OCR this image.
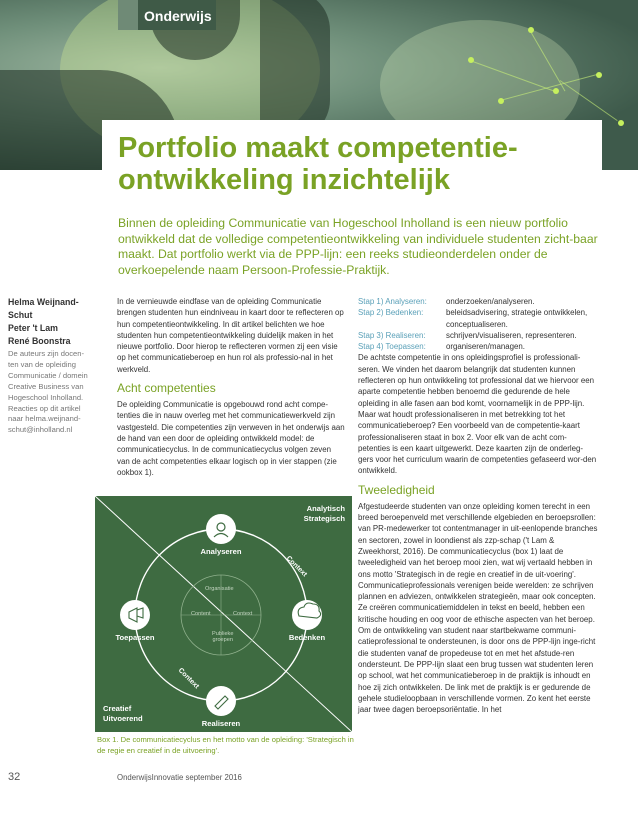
Onderwijs
Portfolio maakt competentie-
ontwikkeling inzichtelijk

Binnen de opleiding Communicatie van Hogeschool Inholland is een nieuw portfolio ontwikkeld dat de volledige competentieontwikkeling van individuele studenten zicht-baar maakt. Dat portfolio werkt via de PPP-lijn: een reeks studieonderdelen onder de overkoepelende naam Persoon-Professie-Praktijk.

Helma Weijnand-
Schut
Peter 't Lam
René Boonstra
De auteurs zijn docen-
ten van de opleiding
Communicatie / domein
Creative Business van
Hogeschool Inholland.
Reacties op dit artikel
naar helma.weijnand-
schut@inholland.nl

In de vernieuwde eindfase van de opleiding Communicatie brengen studenten hun eindniveau in kaart door te reflecteren op hun competentieontwikkeling. In dit artikel belichten we hoe studenten hun competentieontwikkeling duidelijk maken in het nieuwe portfolio. Door hierop te reflecteren vormen zij een visie op het communicatieberoep en hun rol als professio-nal in het werkveld.

Acht competenties

De opleiding Communicatie is opgebouwd rond acht compe-tenties die in nauw overleg met het communicatiewerkveld zijn vastgesteld. Die competenties zijn verweven in het onderwijs aan de hand van een door de opleiding ontwikkeld model: de communicatiecyclus. In de communicatiecyclus volgen zeven van de acht competenties elkaar logisch op in vier stappen (zie ookbox 1).

Analytisch
Strategisch
Creatief
Uitvoerend
Analyseren
Bedenken
Realiseren
Toepassen
Context
Context
Organisatie
Content	Context
Publieke
groepen

Box 1. De communicatiecyclus en het motto van de opleiding: 'Strategisch in de regie en creatief in de uitvoering'.

Stap 1) Analyseren:	onderzoeken/analyseren.
Stap 2) Bedenken:	beleidsadvisering, strategie ontwikkelen, conceptualiseren.
Stap 3) Realiseren:	schrijven/visualiseren, representeren.
Stap 4) Toepassen:	organiseren/managen.

De achtste competentie in ons opleidingsprofiel is professionali-seren. We vinden het daarom belangrijk dat studenten kunnen reflecteren op hun ontwikkeling tot professional dat we hiervoor een aparte competentie hebben benoemd die gedurende de hele opleiding in alle fasen aan bod komt, voornamelijk in de PPP-lijn. Maar wat houdt professionaliseren in met betrekking tot het communicatieberoep? Een voorbeeld van de competentie-kaart professionaliseren staat in box 2. Voor elk van de acht com-petenties is een kaart uitgewerkt. Deze kaarten zijn de onderleg-gers voor het curriculum waarin de competenties gefaseerd wor-den ontwikkeld.

Tweeledigheid

Afgestudeerde studenten van onze opleiding komen terecht in een breed beroepenveld met verschillende elgebieden en beroepsrollen: van PR-medewerker tot contentmanager in uit-eenlopende branches en sectoren, zowel in loondienst als zzp-schap ('t Lam & Zweekhorst, 2016). De communicatiecyclus (box 1) laat de tweeledigheid van het beroep mooi zien, wat wij vertaald hebben in ons motto 'Strategisch in de regie en creatief in de uit-voering'. Communicatieprofessionals verenigen beide werelden: ze schrijven plannen en adviezen, ontwikkelen strategieën, maar ook concepten. Ze creëren communicatiemiddelen in tekst en beeld, hebben een kritische houding en oog voor de ethische aspecten van het beroep.

Om de ontwikkeling van student naar startbekwame communi-catieprofessional te ondersteunen, is door ons de PPP-lijn inge-richt die studenten vanaf de propedeuse tot en met het afstude-ren ondersteunt. De PPP-lijn slaat een brug tussen wat studenten leren op school, wat het communicatieberoep in de praktijk is inhoudt en hoe zij zich ontwikkelen. De link met de praktijk is er gedurende de gehele studieloopbaan in verschillende vormen. Zo kent het eerste jaar twee dagen beroepsoriëntatie. In het

32	OnderwijsInnovatie september 2016
